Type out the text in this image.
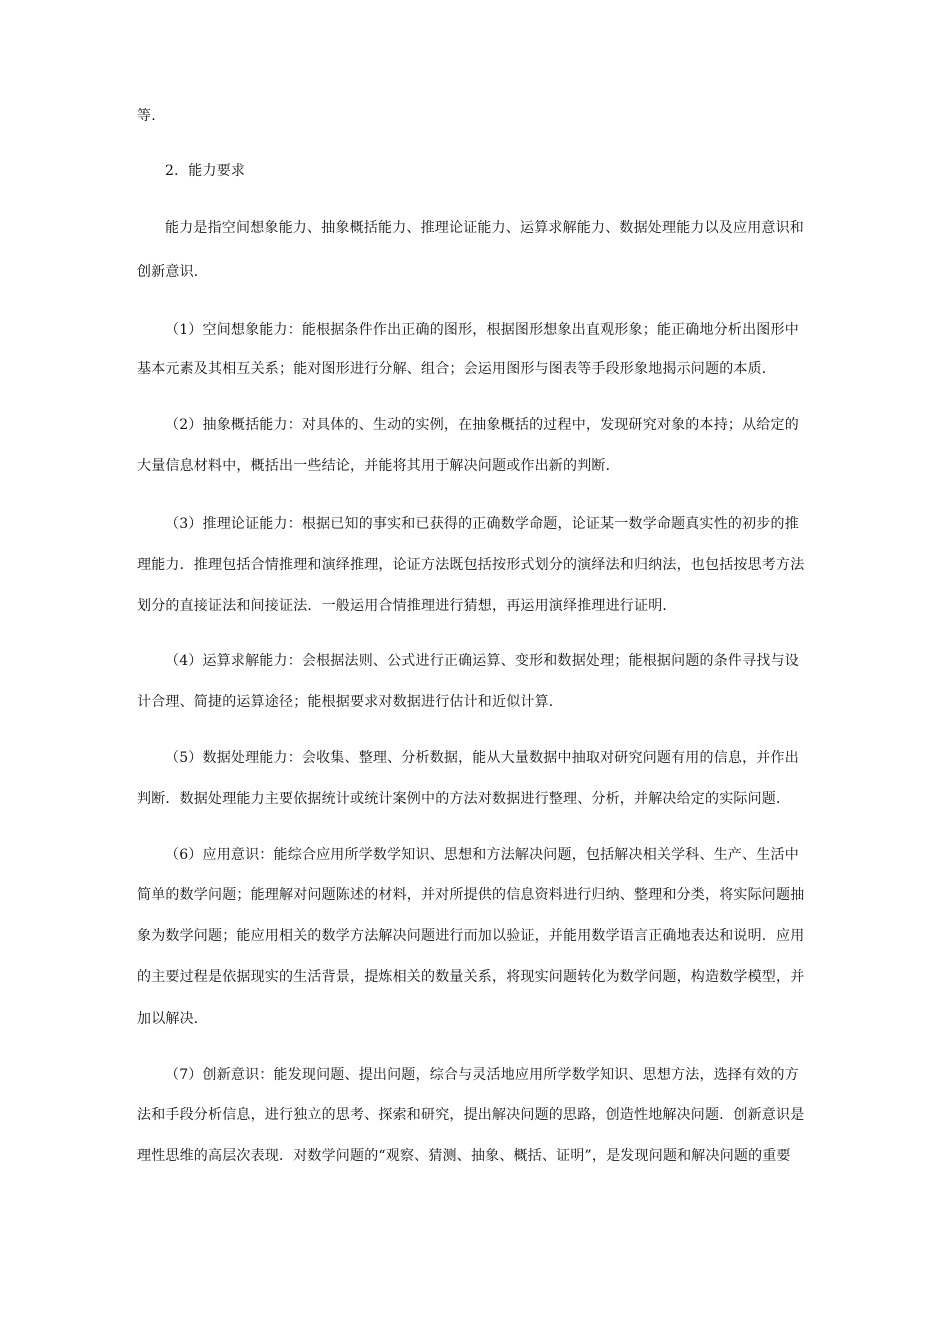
等.
2．能力要求
能力是指空间想象能力、抽象概括能力、推理论证能力、运算求解能力、数据处理能力以及应用意识和
创新意识．
（1）空间想象能力：能根据条件作出正确的图形，根据图形想象出直观形象；能正确地分析出图形中
基本元素及其相互关系；能对图形进行分解、组合；会运用图形与图表等手段形象地揭示问题的本质．
（2）抽象概括能力：对具体的、生动的实例，在抽象概括的过程中，发现研究对象的本持；从给定的
大量信息材料中，概括出一些结论，并能将其用于解决问题或作出新的判断．
（3）推理论证能力：根据已知的事实和已获得的正确数学命题，论证某一数学命题真实性的初步的推
理能力．推理包括合情推理和演绎推理，论证方法既包括按形式划分的演绎法和归纳法，也包括按思考方法
划分的直接证法和间接证法．一般运用合情推理进行猜想，再运用演绎推理进行证明．
（4）运算求解能力：会根据法则、公式进行正确运算、变形和数据处理；能根据问题的条件寻找与设
计合理、简捷的运算途径；能根据要求对数据进行估计和近似计算．
（5）数据处理能力：会收集、整理、分析数据，能从大量数据中抽取对研究问题有用的信息，并作出
判断．数据处理能力主要依据统计或统计案例中的方法对数据进行整理、分析，并解决给定的实际问题．
（6）应用意识：能综合应用所学数学知识、思想和方法解决问题，包括解决相关学科、生产、生活中
简单的数学问题；能理解对问题陈述的材料，并对所提供的信息资料进行归纳、整理和分类，将实际问题抽
象为数学问题；能应用相关的数学方法解决问题进行而加以验证，并能用数学语言正确地表达和说明．应用
的主要过程是依据现实的生活背景，提炼相关的数量关系，将现实问题转化为数学问题，构造数学模型，并
加以解决．
（7）创新意识：能发现问题、提出问题，综合与灵活地应用所学数学知识、思想方法，选择有效的方
法和手段分析信息，进行独立的思考、探索和研究，提出解决问题的思路，创造性地解决问题．创新意识是
理性思维的高层次表现．对数学问题的“观察、猜测、抽象、概括、证明”，是发现问题和解决问题的重要
